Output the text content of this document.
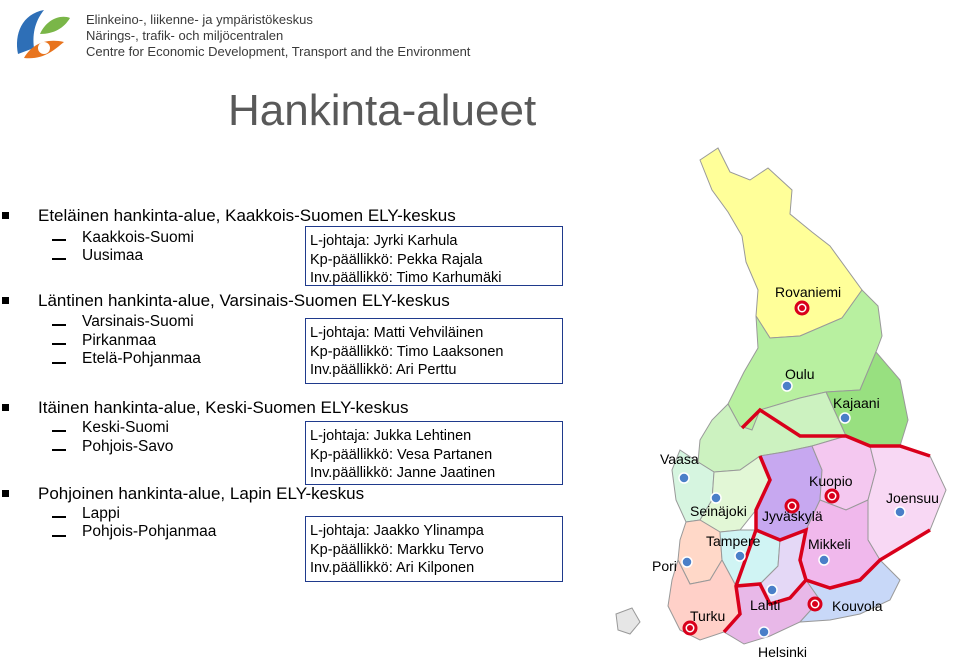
Elinkeino-, liikenne- ja ympäristökeskus
Närings-, trafik- och miljöcentralen
Centre for Economic Development, Transport and the Environment
Hankinta-alueet
Eteläinen hankinta-alue, Kaakkois-Suomen ELY-keskus
Kaakkois-Suomi
Uusimaa
L-johtaja: Jyrki Karhula
Kp-päällikkö: Pekka Rajala
Inv.päällikkö: Timo Karhumäki
Läntinen hankinta-alue, Varsinais-Suomen ELY-keskus
Varsinais-Suomi
Pirkanmaa
Etelä-Pohjanmaa
L-johtaja: Matti Vehviläinen
Kp-päällikkö: Timo Laaksonen
Inv.päällikkö: Ari Perttu
Itäinen hankinta-alue, Keski-Suomen ELY-keskus
Keski-Suomi
Pohjois-Savo
L-johtaja: Jukka Lehtinen
Kp-päällikkö: Vesa Partanen
Inv.päällikkö: Janne Jaatinen
Pohjoinen hankinta-alue, Lapin ELY-keskus
Lappi
Pohjois-Pohjanmaa	L-johtaja: Jaakko Ylinampa
Kp-päällikkö: Markku Tervo
Inv.päällikkö: Ari Kilponen
Rovaniemi
Oulu
Kajaani
Vaasa
Kuopio
Joensuu
Seinäjoki Jyväskylä
Tampere	Mikkeli
Pori
Lahti	Kouvola
Turku
Helsinki
